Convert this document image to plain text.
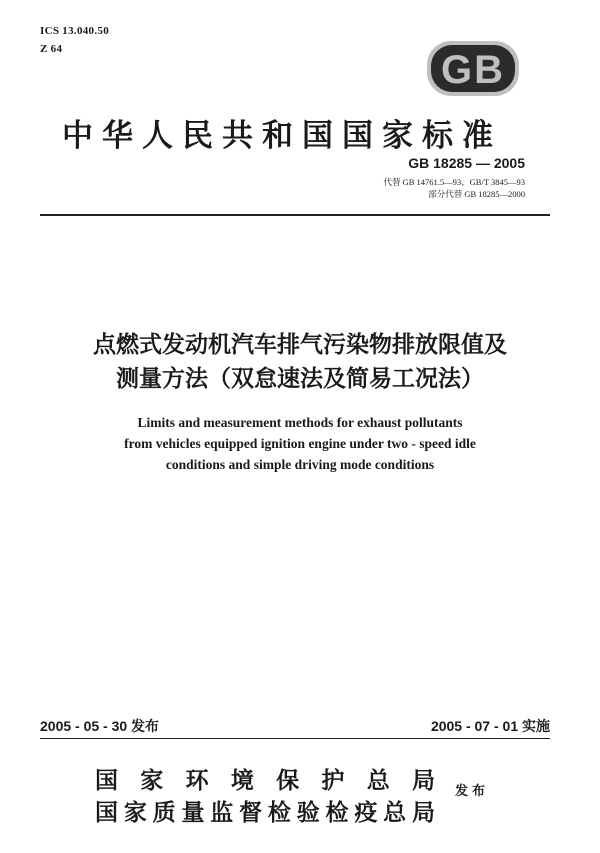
ICS 13.040.50
Z 64	GB
中华人民共和国国家标准
GB 18285 — 2005
代替 GB 14761.5—93、GB/T 3845—93
部分代替 GB 18285—2000
点燃式发动机汽车排气污染物排放限值及
测量方法（双怠速法及简易工况法）
Limits and measurement methods for exhaust pollutants
from vehicles equipped ignition engine under two - speed idle
conditions and simple driving mode conditions
2005 - 05 - 30 发布	2005 - 07 - 01 实施
国家环境保护总局
国家质量监督检验检疫总局
发布
